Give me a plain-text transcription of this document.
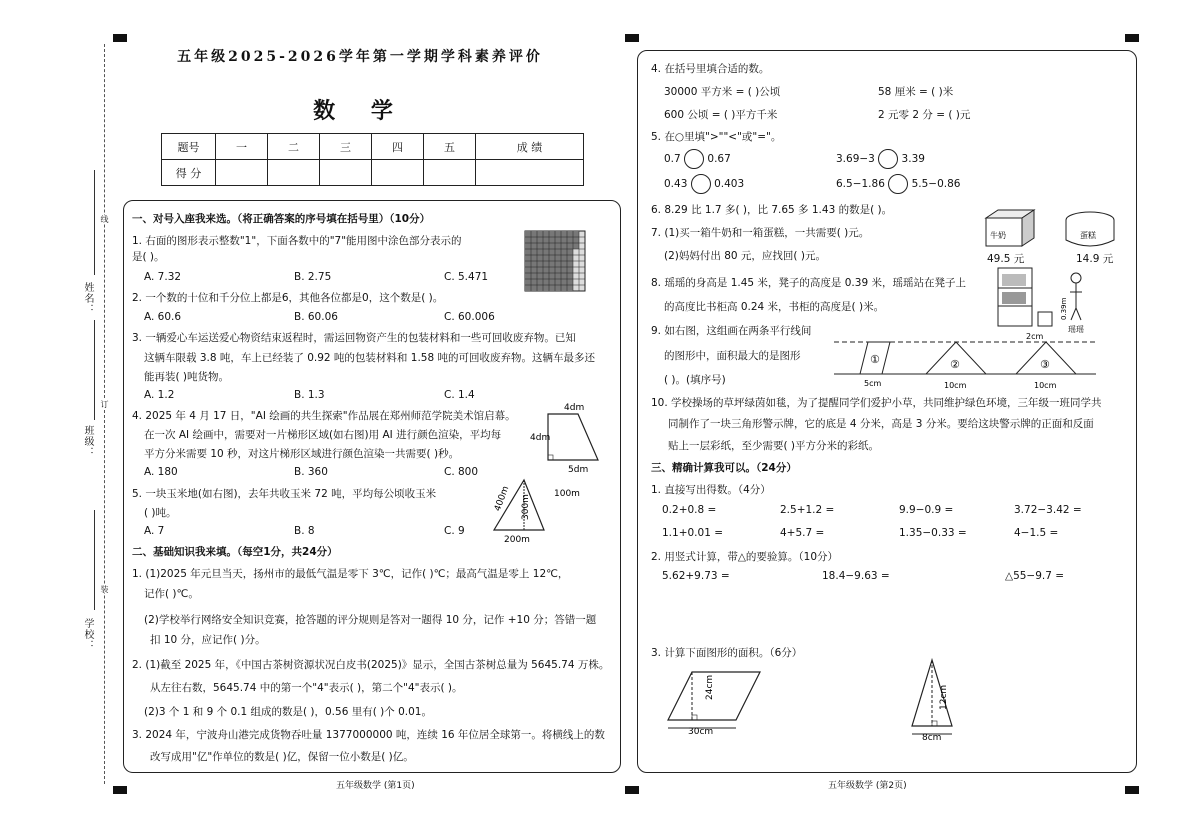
线
订
装
姓名：
班级：
学校：
五年级2025-2026学年第一学期学科素养评价
数 学
题号	一	二	三	四	五	成 绩
得 分						
一、对号入座我来选。（将正确答案的序号填在括号里）（10分）
1. 右面的图形表示整数"1"，下面各数中的"7"能用图中涂色部分表示的
是( )。
A. 7.32	B. 2.75	C. 5.471
2. 一个数的十位和千分位上都是6，其他各位都是0，这个数是( )。
A. 60.6	B. 60.06	C. 60.006
3. 一辆爱心车运送爱心物资结束返程时，需运回物资产生的包装材料和一些可回收废弃物。已知
这辆车限载 3.8 吨，车上已经装了 0.92 吨的包装材料和 1.58 吨的可回收废弃物。这辆车最多还
能再装( )吨货物。
A. 1.2	B. 1.3	C. 1.4
4. 2025 年 4 月 17 日，"AI 绘画的共生探索"作品展在郑州师范学院美术馆启幕。
在一次 AI 绘画中，需要对一片梯形区域(如右图)用 AI 进行颜色渲染，平均每
平方分米需要 10 秒，对这片梯形区域进行颜色渲染一共需要( )秒。
A. 180	B. 360	C. 800
4dm
4dm
5dm
5. 一块玉米地(如右图)，去年共收玉米 72 吨，平均每公顷收玉米
( )吨。
A. 7	B. 8	C. 9
400m 300m
100m
200m
二、基础知识我来填。（每空1分，共24分）
1. (1)2025 年元旦当天，扬州市的最低气温是零下 3℃，记作( )℃；最高气温是零上 12℃，
记作( )℃。
(2)学校举行网络安全知识竞赛，抢答题的评分规则是答对一题得 10 分，记作 +10 分；答错一题
扣 10 分，应记作( )分。
2. (1)截至 2025 年，《中国古茶树资源状况白皮书(2025)》显示，全国古茶树总量为 5645.74 万株。
从左往右数，5645.74 中的第一个"4"表示( )，第二个"4"表示( )。
(2)3 个 1 和 9 个 0.1 组成的数是( )，0.56 里有( )个 0.01。
3. 2024 年，宁波舟山港完成货物吞吐量 1377000000 吨，连续 16 年位居全球第一。将横线上的数
改写成用"亿"作单位的数是( )亿，保留一位小数是( )亿。
五年级数学 (第1页)
4. 在括号里填合适的数。
30000 平方米 = ( )公顷	58 厘米 = ( )米
600 公顷 = ( )平方千米	2 元零 2 分 = ( )元
5. 在○里填">""<"或"="。
0.7	0.67	3.69−3	3.39
0.43	0.403	6.5−1.86	5.5−0.86
6. 8.29 比 1.7 多( )，比 7.65 多 1.43 的数是( )。
7. (1)买一箱牛奶和一箱蛋糕，一共需要( )元。
(2)妈妈付出 80 元，应找回( )元。
牛奶
49.5 元
蛋糕
14.9 元
8. 瑶瑶的身高是 1.45 米，凳子的高度是 0.39 米，瑶瑶站在凳子上
的高度比书柜高 0.24 米，书柜的高度是( )米。	0.39m
瑶瑶
9. 如右图，这组画在两条平行线间
的图形中，面积最大的是图形
( )。(填序号)
2cm
①	②	③
5cm	10cm	10cm
10. 学校操场的草坪绿茵如毯，为了提醒同学们爱护小草，共同维护绿色环境，三年级一班同学共
同制作了一块三角形警示牌，它的底是 4 分米，高是 3 分米。要给这块警示牌的正面和反面
贴上一层彩纸，至少需要( )平方分米的彩纸。
三、精确计算我可以。（24分）
1. 直接写出得数。（4分）
0.2+0.8 =	2.5+1.2 =	9.9−0.9 =	3.72−3.42 =
1.1+0.01 =	4+5.7 =	1.35−0.33 =	4−1.5 =
2. 用竖式计算，带△的要验算。（10分）
5.62+9.73 =	18.4−9.63 =	△55−9.7 =
3. 计算下面图形的面积。（6分）
24cm
30cm
12cm
8cm
五年级数学 (第2页)
